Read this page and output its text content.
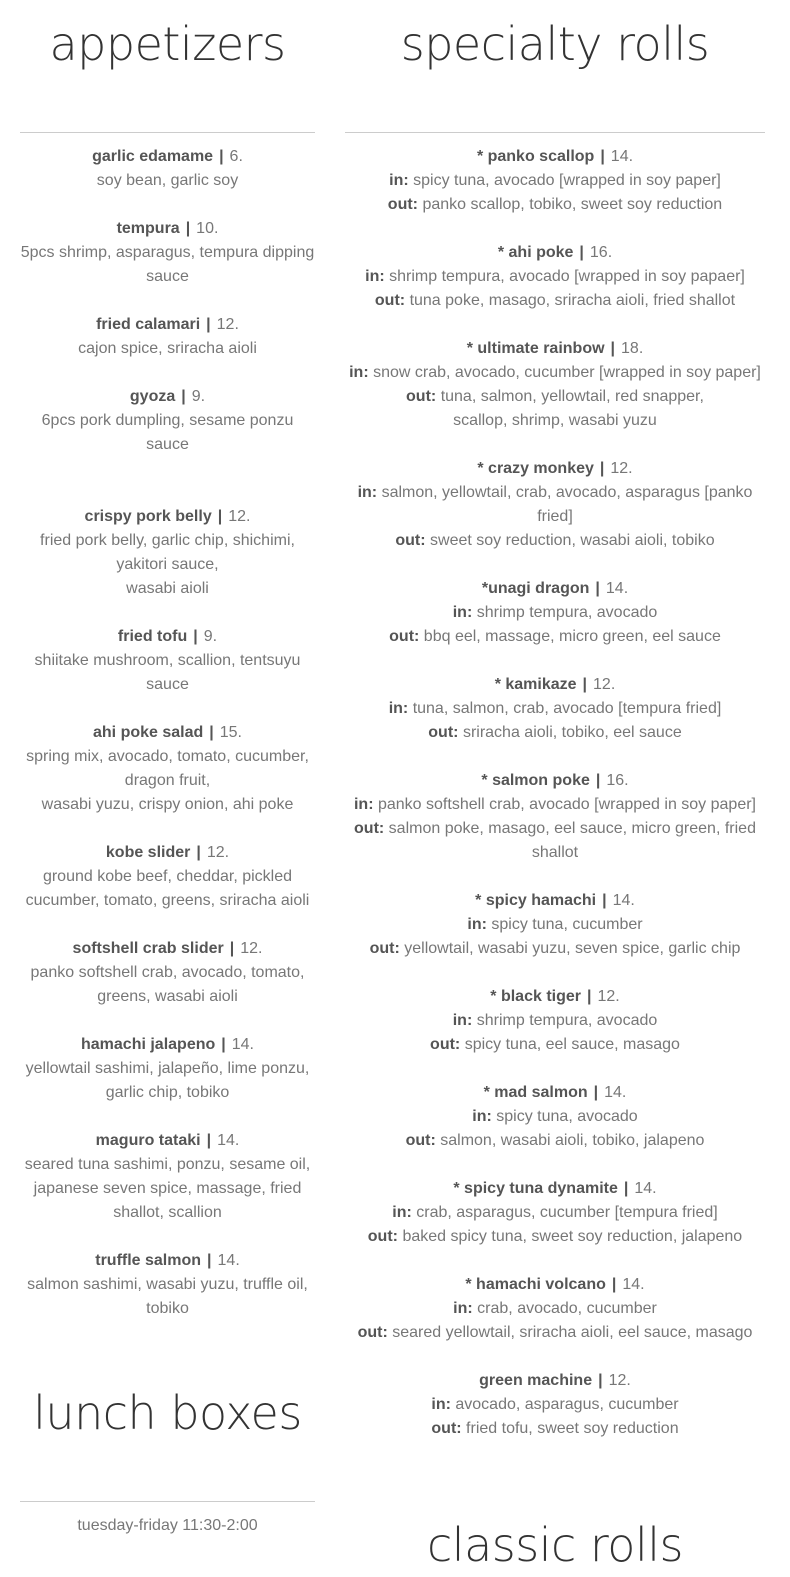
appetizers
garlic edamame | 6.
soy bean, garlic soy
tempura | 10.
5pcs shrimp, asparagus, tempura dipping sauce
fried calamari | 12.
cajon spice, sriracha aioli
gyoza | 9.
6pcs pork dumpling, sesame ponzu sauce
crispy pork belly | 12.
fried pork belly, garlic chip, shichimi, yakitori sauce,
wasabi aioli
fried tofu | 9.
shiitake mushroom, scallion, tentsuyu sauce
ahi poke salad | 15.
spring mix, avocado, tomato, cucumber, dragon fruit,
wasabi yuzu, crispy onion, ahi poke
kobe slider | 12.
ground kobe beef, cheddar, pickled cucumber, tomato, greens, sriracha aioli
softshell crab slider | 12.
panko softshell crab, avocado, tomato, greens, wasabi aioli
hamachi jalapeno | 14.
yellowtail sashimi, jalapeño, lime ponzu, garlic chip, tobiko
maguro tataki | 14.
seared tuna sashimi, ponzu, sesame oil, japanese seven spice, massage, fried shallot, scallion
truffle salmon | 14.
salmon sashimi, wasabi yuzu, truffle oil, tobiko
lunch boxes
tuesday-friday 11:30-2:00
specialty rolls
* panko scallop | 14.
in: spicy tuna, avocado [wrapped in soy paper]
out: panko scallop, tobiko, sweet soy reduction
* ahi poke | 16.
in: shrimp tempura, avocado [wrapped in soy papaer]
out: tuna poke, masago, sriracha aioli, fried shallot
* ultimate rainbow | 18.
in: snow crab, avocado, cucumber [wrapped in soy paper]
out: tuna, salmon, yellowtail, red snapper,
scallop, shrimp, wasabi yuzu
* crazy monkey | 12.
in: salmon, yellowtail, crab, avocado, asparagus [panko fried]
out: sweet soy reduction, wasabi aioli, tobiko
*unagi dragon | 14.
in: shrimp tempura, avocado
out: bbq eel, massage, micro green, eel sauce
* kamikaze | 12.
in: tuna, salmon, crab, avocado [tempura fried]
out: sriracha aioli, tobiko, eel sauce
* salmon poke | 16.
in: panko softshell crab, avocado [wrapped in soy paper]
out: salmon poke, masago, eel sauce, micro green, fried shallot
* spicy hamachi | 14.
in: spicy tuna, cucumber
out: yellowtail, wasabi yuzu, seven spice, garlic chip
* black tiger | 12.
in: shrimp tempura, avocado
out: spicy tuna, eel sauce, masago
* mad salmon | 14.
in: spicy tuna, avocado
out: salmon, wasabi aioli, tobiko, jalapeno
* spicy tuna dynamite | 14.
in: crab, asparagus, cucumber [tempura fried]
out: baked spicy tuna, sweet soy reduction, jalapeno
* hamachi volcano | 14.
in: crab, avocado, cucumber
out: seared yellowtail, sriracha aioli, eel sauce, masago
green machine | 12.
in: avocado, asparagus, cucumber
out: fried tofu, sweet soy reduction
classic rolls
